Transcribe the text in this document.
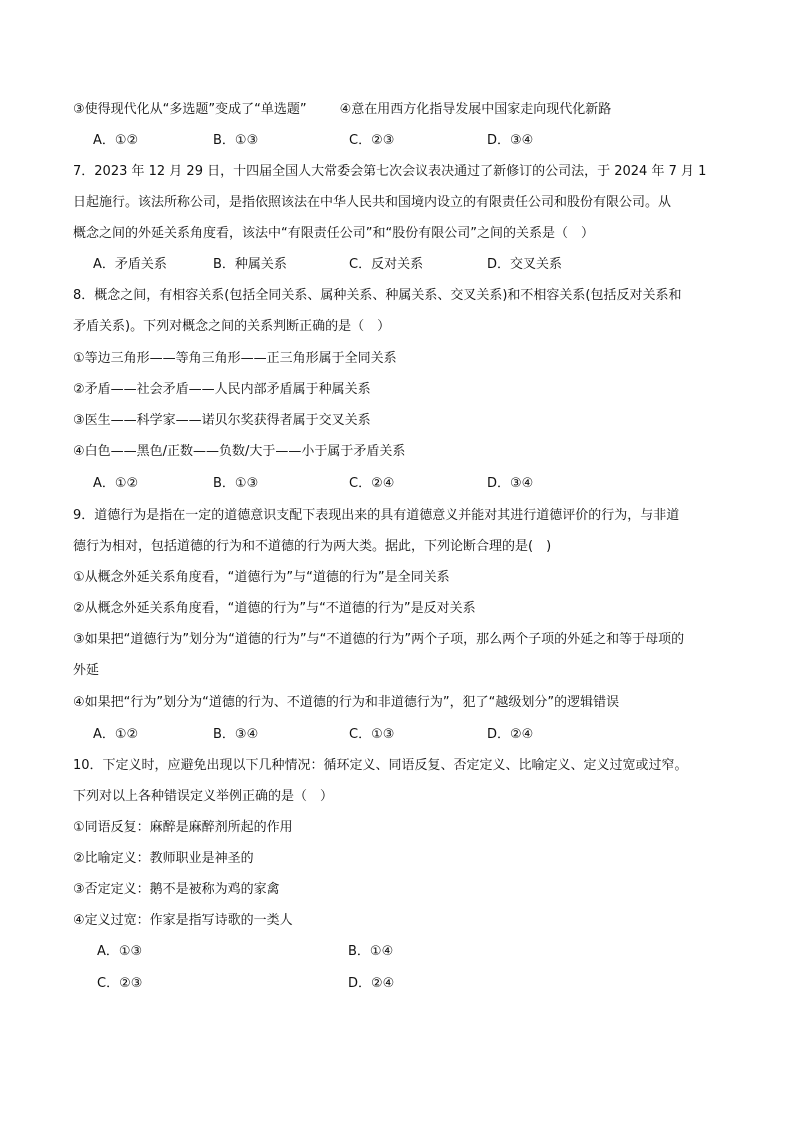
③使得现代化从“多选题”变成了“单选题”	④意在用西方化指导发展中国家走向现代化新路
A．①②	B．①③	C．②③	D．③④
7．2023 年 12 月 29 日，十四届全国人大常委会第七次会议表决通过了新修订的公司法，于 2024 年 7 月 1
日起施行。该法所称公司，是指依照该法在中华人民共和国境内设立的有限责任公司和股份有限公司。从
概念之间的外延关系角度看，该法中“有限责任公司”和“股份有限公司”之间的关系是（　）
A．矛盾关系	B．种属关系	C．反对关系	D．交叉关系
8．概念之间，有相容关系(包括全同关系、属种关系、种属关系、交叉关系)和不相容关系(包括反对关系和
矛盾关系)。下列对概念之间的关系判断正确的是（　）
①等边三角形——等角三角形——正三角形属于全同关系
②矛盾——社会矛盾——人民内部矛盾属于种属关系
③医生——科学家——诺贝尔奖获得者属于交叉关系
④白色——黑色/正数——负数/大于——小于属于矛盾关系
A．①②	B．①③	C．②④	D．③④
9．道德行为是指在一定的道德意识支配下表现出来的具有道德意义并能对其进行道德评价的行为，与非道
德行为相对，包括道德的行为和不道德的行为两大类。据此，下列论断合理的是(　)
①从概念外延关系角度看，“道德行为”与“道德的行为”是全同关系
②从概念外延关系角度看，“道德的行为”与“不道德的行为”是反对关系
③如果把“道德行为”划分为“道德的行为”与“不道德的行为”两个子项，那么两个子项的外延之和等于母项的
外延
④如果把“行为”划分为“道德的行为、不道德的行为和非道德行为”，犯了“越级划分”的逻辑错误
A．①②	B．③④	C．①③	D．②④
10．下定义时，应避免出现以下几种情况：循环定义、同语反复、否定定义、比喻定义、定义过宽或过窄。
下列对以上各种错误定义举例正确的是（　）
①同语反复：麻醉是麻醉剂所起的作用
②比喻定义：教师职业是神圣的
③否定定义：鹅不是被称为鸡的家禽
④定义过宽：作家是指写诗歌的一类人
A．①③	B．①④
C．②③	D．②④
